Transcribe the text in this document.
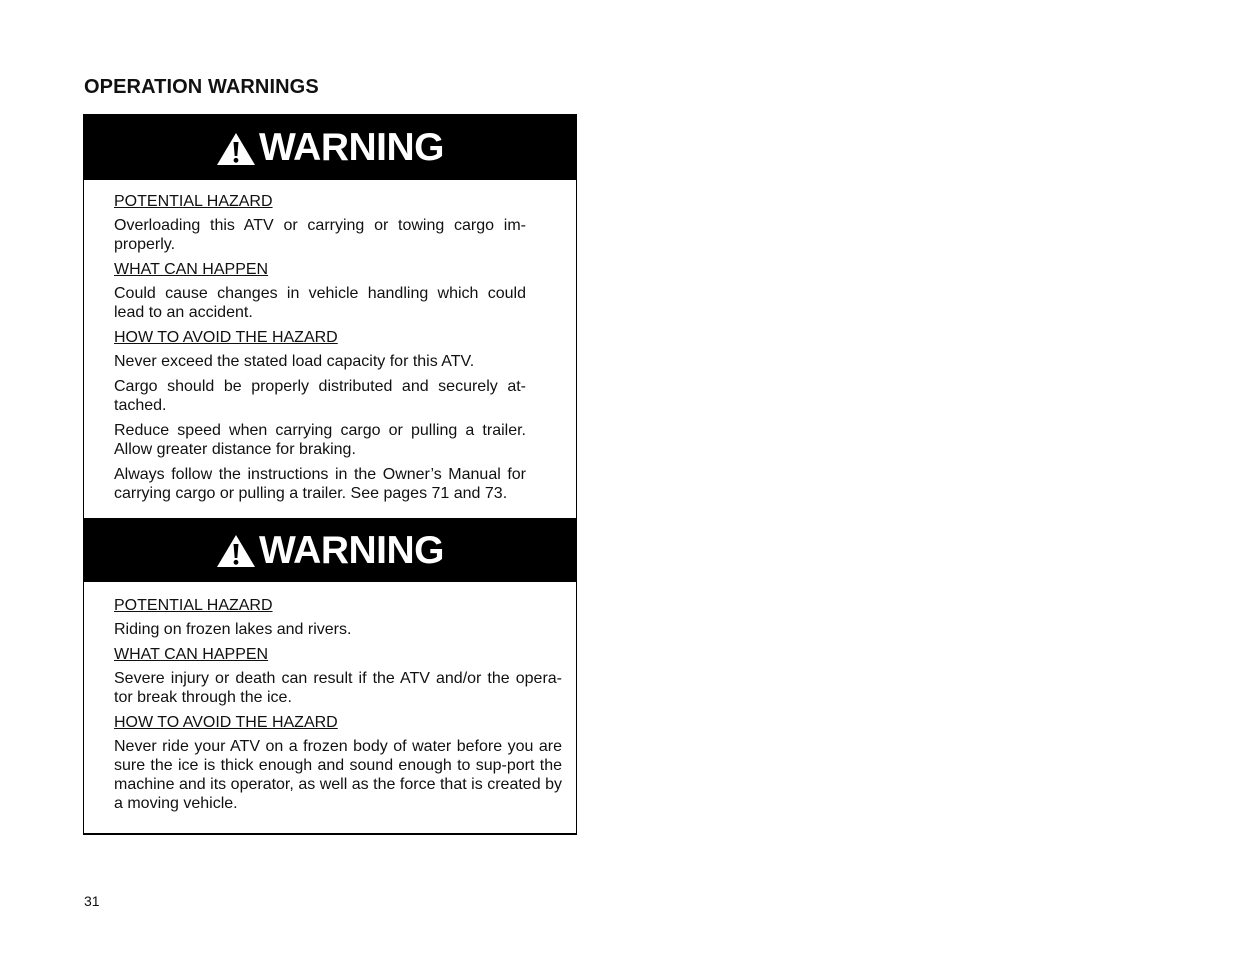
OPERATION WARNINGS
WARNING

POTENTIAL HAZARD

Overloading this ATV or carrying or towing cargo im-properly.

WHAT CAN HAPPEN

Could cause changes in vehicle handling which could lead to an accident.

HOW TO AVOID THE HAZARD

Never exceed the stated load capacity for this ATV.

Cargo should be properly distributed and securely at-tached.

Reduce speed when carrying cargo or pulling a trailer. Allow greater distance for braking.

Always follow the instructions in the Owner’s Manual for carrying cargo or pulling a trailer. See pages 71 and 73.

WARNING

POTENTIAL HAZARD

Riding on frozen lakes and rivers.

WHAT CAN HAPPEN

Severe injury or death can result if the ATV and/or the opera-tor break through the ice.

HOW TO AVOID THE HAZARD

Never ride your ATV on a frozen body of water before you are sure the ice is thick enough and sound enough to sup-port the machine and its operator, as well as the force that is created by a moving vehicle.

31
